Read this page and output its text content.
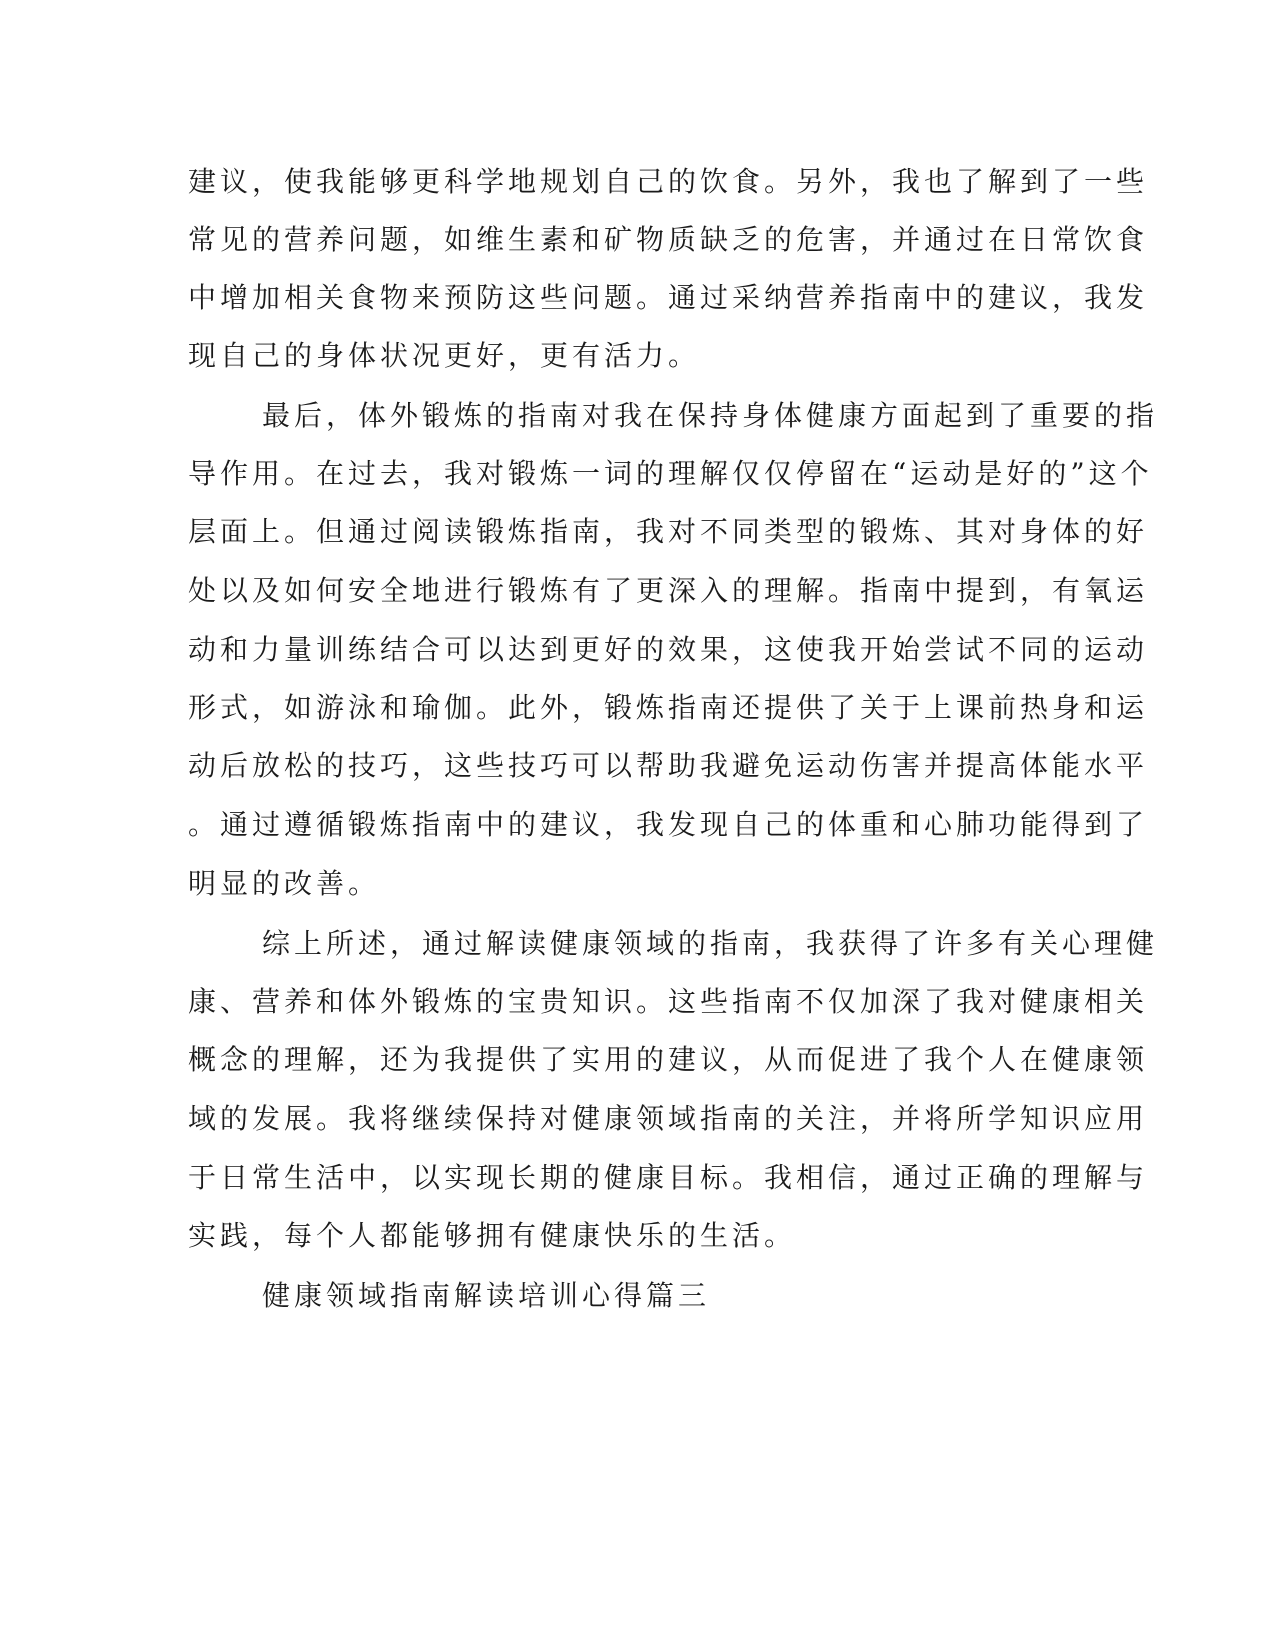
建议，使我能够更科学地规划自己的饮食。另外，我也了解到了一些
常见的营养问题，如维生素和矿物质缺乏的危害，并通过在日常饮食
中增加相关食物来预防这些问题。通过采纳营养指南中的建议，我发
现自己的身体状况更好，更有活力。
最后，体外锻炼的指南对我在保持身体健康方面起到了重要的指
导作用。在过去，我对锻炼一词的理解仅仅停留在“运动是好的”这个
层面上。但通过阅读锻炼指南，我对不同类型的锻炼、其对身体的好
处以及如何安全地进行锻炼有了更深入的理解。指南中提到，有氧运
动和力量训练结合可以达到更好的效果，这使我开始尝试不同的运动
形式，如游泳和瑜伽。此外，锻炼指南还提供了关于上课前热身和运
动后放松的技巧，这些技巧可以帮助我避免运动伤害并提高体能水平
。通过遵循锻炼指南中的建议，我发现自己的体重和心肺功能得到了
明显的改善。
综上所述，通过解读健康领域的指南，我获得了许多有关心理健
康、营养和体外锻炼的宝贵知识。这些指南不仅加深了我对健康相关
概念的理解，还为我提供了实用的建议，从而促进了我个人在健康领
域的发展。我将继续保持对健康领域指南的关注，并将所学知识应用
于日常生活中，以实现长期的健康目标。我相信，通过正确的理解与
实践，每个人都能够拥有健康快乐的生活。
健康领域指南解读培训心得篇三
